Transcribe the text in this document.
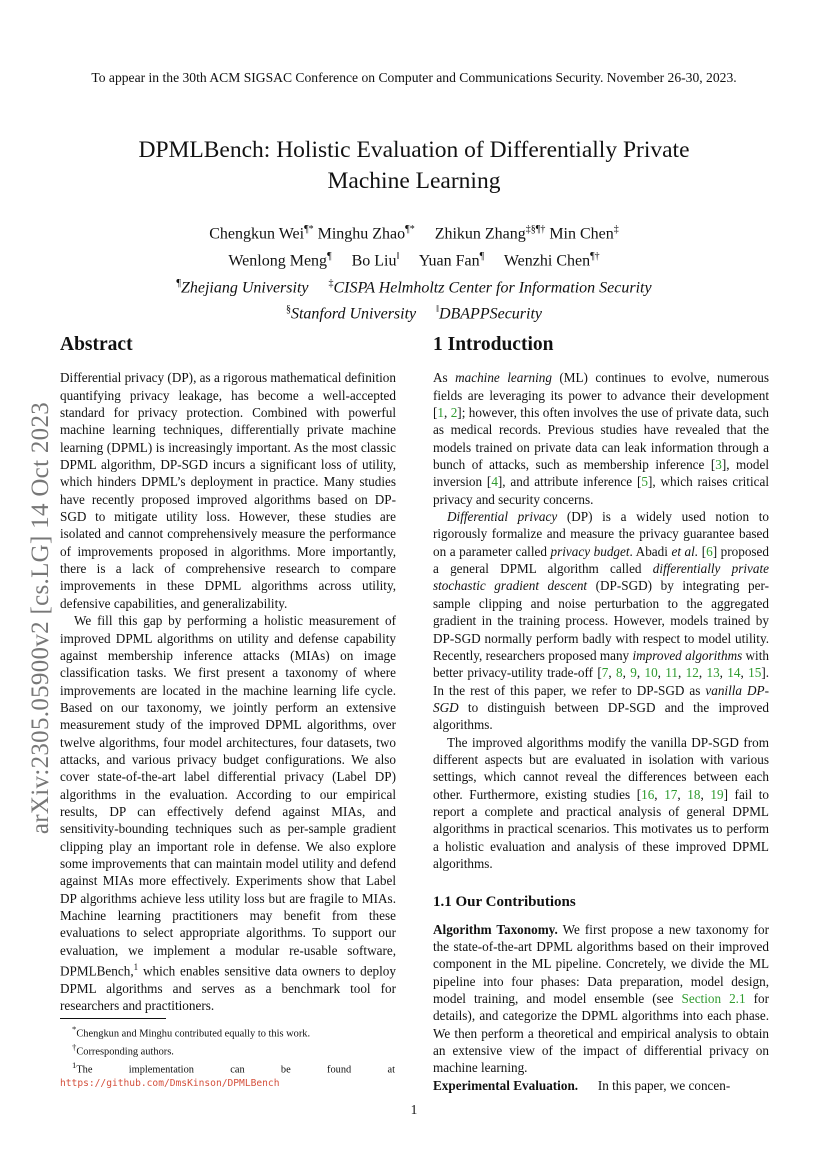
To appear in the 30th ACM SIGSAC Conference on Computer and Communications Security. November 26-30, 2023.
DPMLBench: Holistic Evaluation of Differentially Private Machine Learning
Chengkun Wei¶* Minghu Zhao¶* Zhikun Zhang‡§¶† Min Chen‡
Wenlong Meng¶ Bo Liu‖ Yuan Fan¶ Wenzhi Chen¶†
¶Zhejiang University ‡CISPA Helmholtz Center for Information Security
§Stanford University ‖DBAPPSecurity
arXiv:2305.05900v2 [cs.LG] 14 Oct 2023
Abstract

Differential privacy (DP), as a rigorous mathematical definition quantifying privacy leakage, has become a well-accepted standard for privacy protection. Combined with powerful machine learning techniques, differentially private machine learning (DPML) is increasingly important. As the most classic DPML algorithm, DP-SGD incurs a significant loss of utility, which hinders DPML’s deployment in practice. Many studies have recently proposed improved algorithms based on DP-SGD to mitigate utility loss. However, these studies are isolated and cannot comprehensively measure the performance of improvements proposed in algorithms. More importantly, there is a lack of comprehensive research to compare improvements in these DPML algorithms across utility, defensive capabilities, and generalizability.

We fill this gap by performing a holistic measurement of improved DPML algorithms on utility and defense capability against membership inference attacks (MIAs) on image classification tasks. We first present a taxonomy of where improvements are located in the machine learning life cycle. Based on our taxonomy, we jointly perform an extensive measurement study of the improved DPML algorithms, over twelve algorithms, four model architectures, four datasets, two attacks, and various privacy budget configurations. We also cover state-of-the-art label differential privacy (Label DP) algorithms in the evaluation. According to our empirical results, DP can effectively defend against MIAs, and sensitivity-bounding techniques such as per-sample gradient clipping play an important role in defense. We also explore some improvements that can maintain model utility and defend against MIAs more effectively. Experiments show that Label DP algorithms achieve less utility loss but are fragile to MIAs. Machine learning practitioners may benefit from these evaluations to select appropriate algorithms. To support our evaluation, we implement a modular re-usable software, DPMLBench,$^1$ which enables sensitive data owners to deploy DPML algorithms and serves as a benchmark tool for researchers and practitioners.

*Chengkun and Minghu contributed equally to this work.

†Corresponding authors.

$^1$The implementation can be found at https://github.com/DmsKinson/DPMLBench

1 Introduction

As machine learning (ML) continues to evolve, numerous fields are leveraging its power to advance their development [1, 2]; however, this often involves the use of private data, such as medical records. Previous studies have revealed that the models trained on private data can leak information through a bunch of attacks, such as membership inference [3], model inversion [4], and attribute inference [5], which raises critical privacy and security concerns.

Differential privacy (DP) is a widely used notion to rigorously formalize and measure the privacy guarantee based on a parameter called privacy budget. Abadi et al. [6] proposed a general DPML algorithm called differentially private stochastic gradient descent (DP-SGD) by integrating per-sample clipping and noise perturbation to the aggregated gradient in the training process. However, models trained by DP-SGD normally perform badly with respect to model utility. Recently, researchers proposed many improved algorithms with better privacy-utility trade-off [7, 8, 9, 10, 11, 12, 13, 14, 15]. In the rest of this paper, we refer to DP-SGD as vanilla DP-SGD to distinguish between DP-SGD and the improved algorithms.

The improved algorithms modify the vanilla DP-SGD from different aspects but are evaluated in isolation with various settings, which cannot reveal the differences between each other. Furthermore, existing studies [16, 17, 18, 19] fail to report a complete and practical analysis of general DPML algorithms in practical scenarios. This motivates us to perform a holistic evaluation and analysis of these improved DPML algorithms.

1.1 Our Contributions

Algorithm Taxonomy. We first propose a new taxonomy for the state-of-the-art DPML algorithms based on their improved component in the ML pipeline. Concretely, we divide the ML pipeline into four phases: Data preparation, model design, model training, and model ensemble (see Section 2.1 for details), and categorize the DPML algorithms into each phase. We then perform a theoretical and empirical analysis to obtain an extensive view of the impact of differential privacy on machine learning.

Experimental Evaluation.      In this paper, we concen-

1
